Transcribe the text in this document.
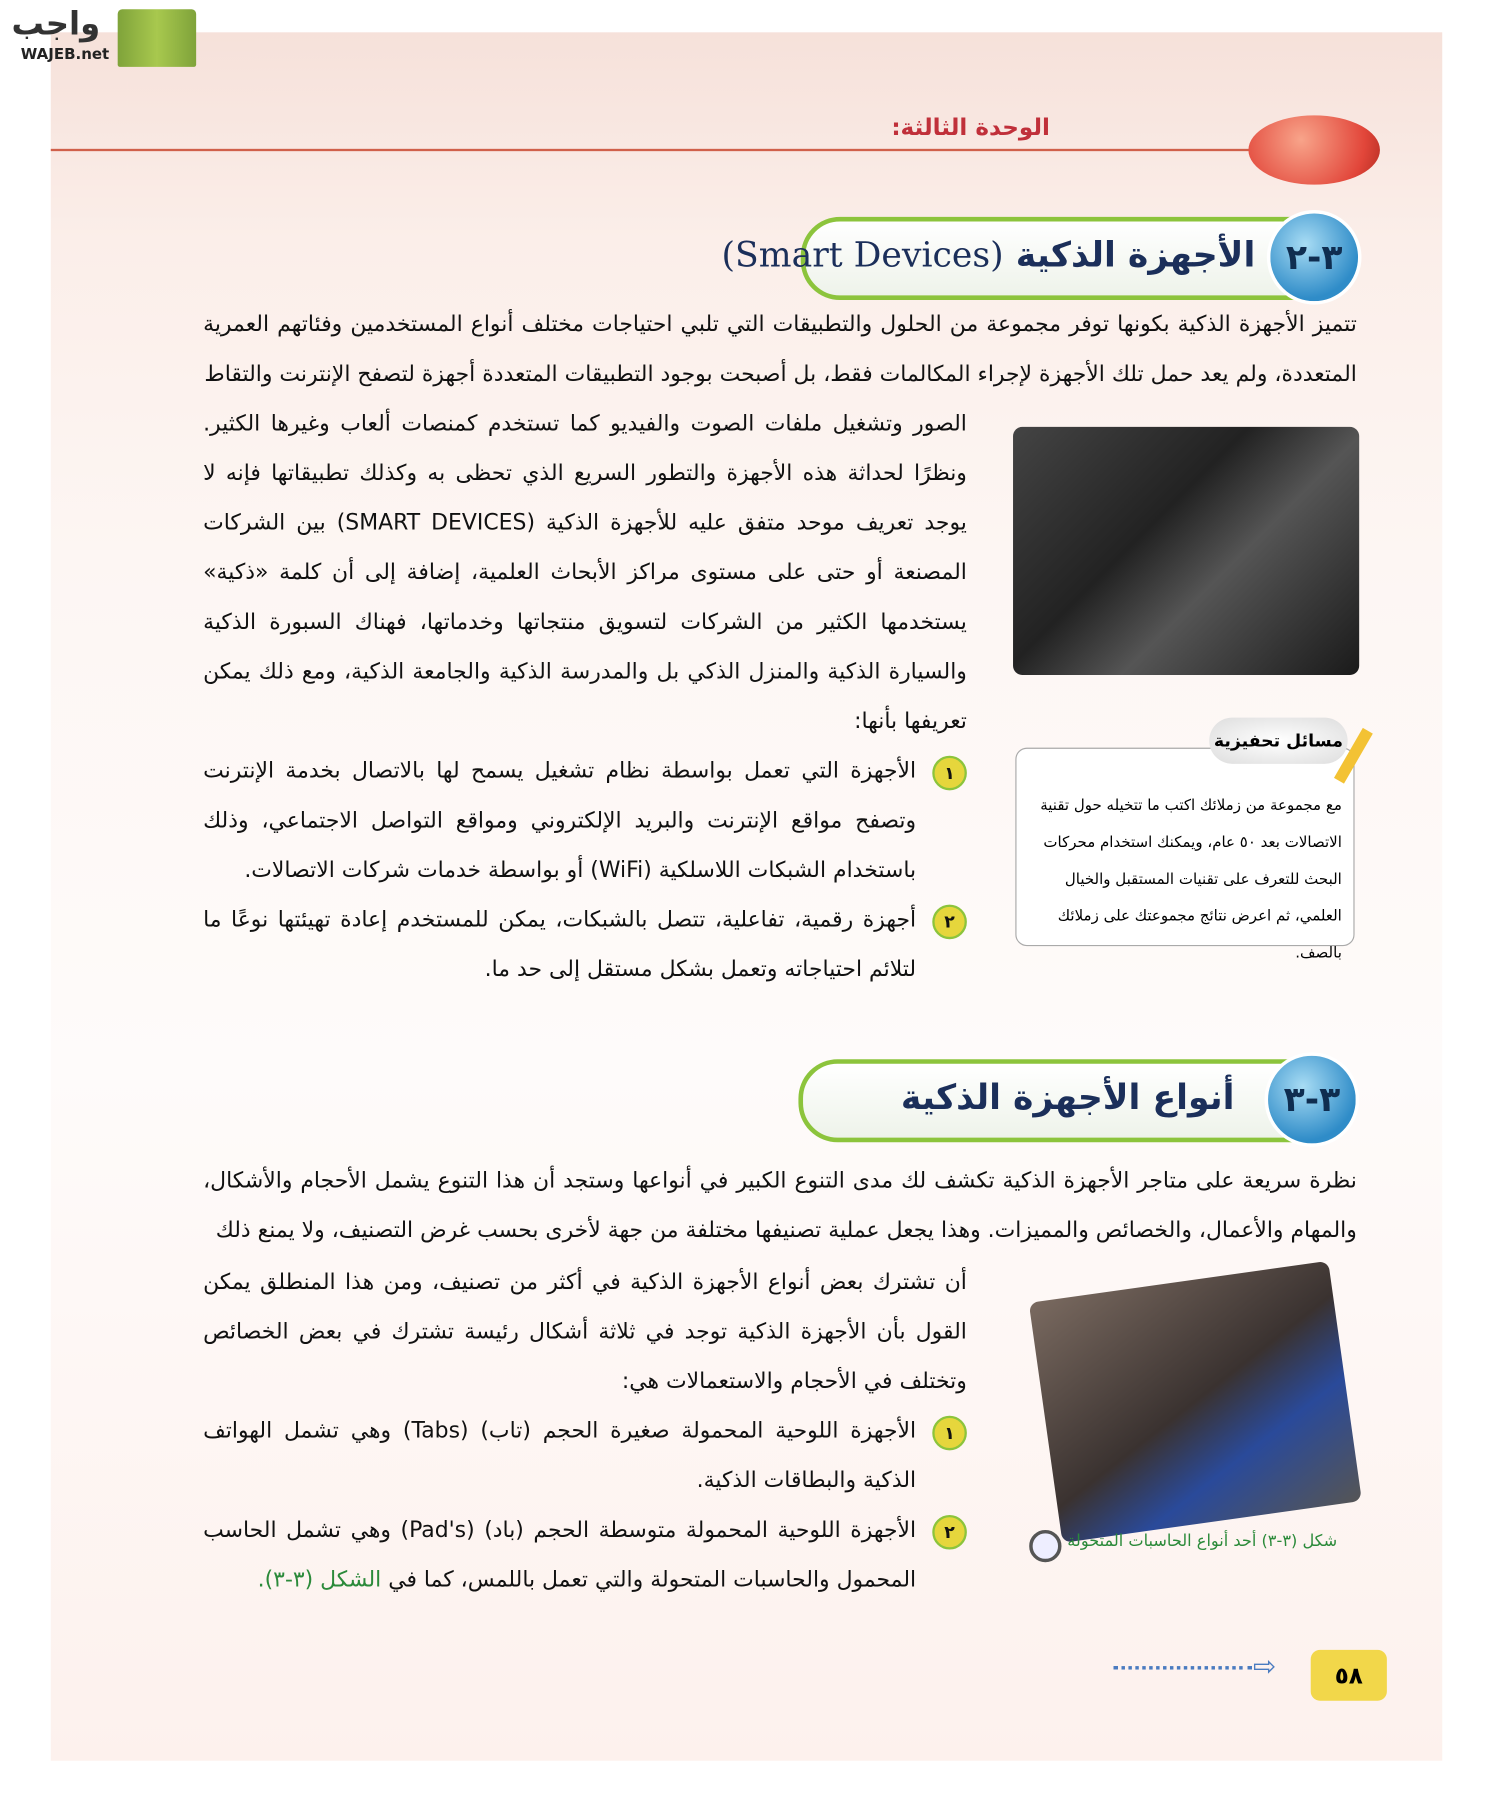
واجب
WAJEB.net
الوحدة الثالثة:
٣-٢
الأجهزة الذكية (Smart Devices)
تتميز الأجهزة الذكية بكونها توفر مجموعة من الحلول والتطبيقات التي تلبي احتياجات مختلف أنواع المستخدمين وفئاتهم العمرية المتعددة، ولم يعد حمل تلك الأجهزة لإجراء المكالمات فقط، بل أصبحت بوجود التطبيقات المتعددة أجهزة لتصفح الإنترنت والتقاط
الصور وتشغيل ملفات الصوت والفيديو كما تستخدم كمنصات ألعاب وغيرها الكثير. ونظرًا لحداثة هذه الأجهزة والتطور السريع الذي تحظى به وكذلك تطبيقاتها فإنه لا يوجد تعريف موحد متفق عليه للأجهزة الذكية (SMART DEVICES) بين الشركات المصنعة أو حتى على مستوى مراكز الأبحاث العلمية، إضافة إلى أن كلمة «ذكية» يستخدمها الكثير من الشركات لتسويق منتجاتها وخدماتها، فهناك السبورة الذكية والسيارة الذكية والمنزل الذكي بل والمدرسة الذكية والجامعة الذكية، ومع ذلك يمكن تعريفها بأنها:
١
الأجهزة التي تعمل بواسطة نظام تشغيل يسمح لها بالاتصال بخدمة الإنترنت وتصفح مواقع الإنترنت والبريد الإلكتروني ومواقع التواصل الاجتماعي، وذلك باستخدام الشبكات اللاسلكية (WiFi) أو بواسطة خدمات شركات الاتصالات.
٢
أجهزة رقمية، تفاعلية، تتصل بالشبكات، يمكن للمستخدم إعادة تهيئتها نوعًا ما لتلائم احتياجاته وتعمل بشكل مستقل إلى حد ما.
مع مجموعة من زملائك اكتب ما تتخيله حول تقنية الاتصالات بعد ٥٠ عام، ويمكنك استخدام محركات البحث للتعرف على تقنيات المستقبل والخيال العلمي، ثم اعرض نتائج مجموعتك على زملائك بالصف.
مسائل تحفيزية
٣-٣
أنواع الأجهزة الذكية
نظرة سريعة على متاجر الأجهزة الذكية تكشف لك مدى التنوع الكبير في أنواعها وستجد أن هذا التنوع يشمل الأحجام والأشكال، والمهام والأعمال، والخصائص والمميزات. وهذا يجعل عملية تصنيفها مختلفة من جهة لأخرى بحسب غرض التصنيف، ولا يمنع ذلك
أن تشترك بعض أنواع الأجهزة الذكية في أكثر من تصنيف، ومن هذا المنطلق يمكن القول بأن الأجهزة الذكية توجد في ثلاثة أشكال رئيسة تشترك في بعض الخصائص وتختلف في الأحجام والاستعمالات هي:
١
الأجهزة اللوحية المحمولة صغيرة الحجم (تاب) (Tabs) وهي تشمل الهواتف الذكية والبطاقات الذكية.
٢
الأجهزة اللوحية المحمولة متوسطة الحجم (باد) (Pad's) وهي تشمل الحاسب المحمول والحاسبات المتحولة والتي تعمل باللمس، كما في الشكل (٣-٣).
شكل (٣-٣) أحد أنواع الحاسبات المتحولة
⇨	٥٨
